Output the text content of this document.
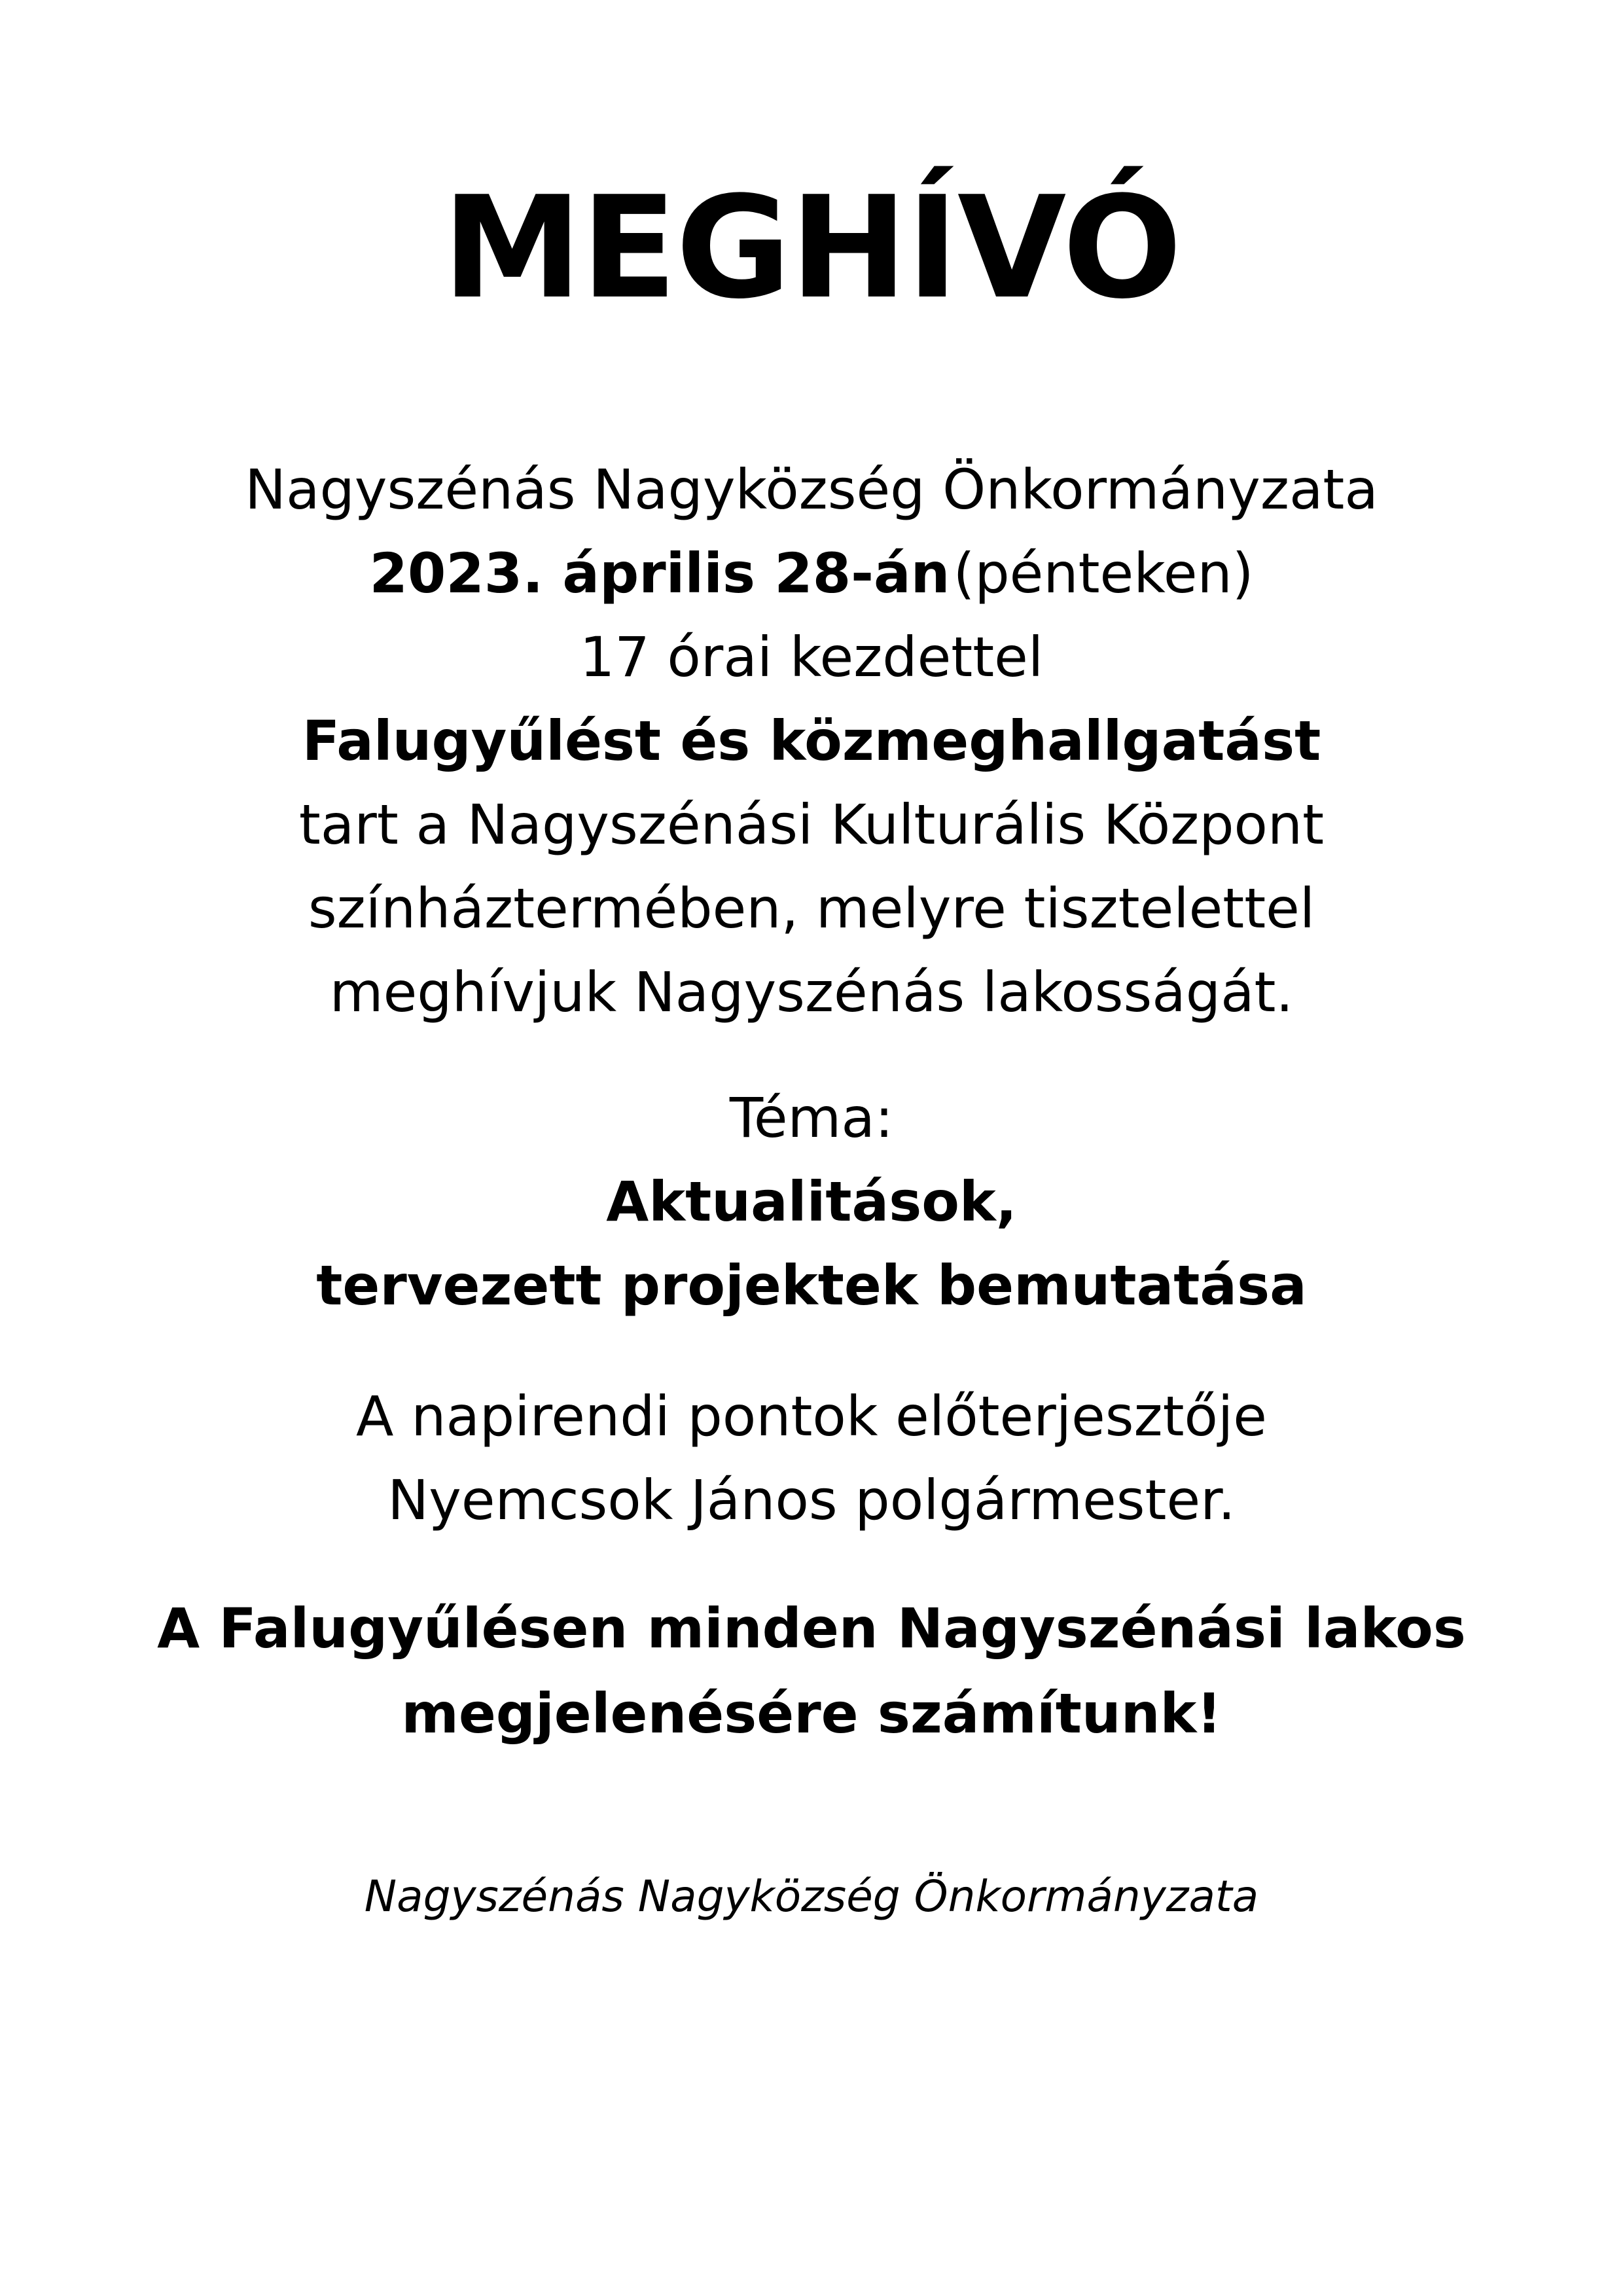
MEGHÍVÓ
Nagyszénás Nagyközség Önkormányzata
2023. április 28-án (pénteken)
17 órai kezdettel
Falugyűlést és közmeghallgatást
tart a Nagyszénási Kulturális Központ
színháztermében, melyre tisztelettel
meghívjuk Nagyszénás lakosságát.
Téma:
Aktualitások,
tervezett projektek bemutatása
A napirendi pontok előterjesztője
Nyemcsok János polgármester.
A Falugyűlésen minden Nagyszénási lakos
megjelenésére számítunk!
Nagyszénás Nagyközség Önkormányzata
